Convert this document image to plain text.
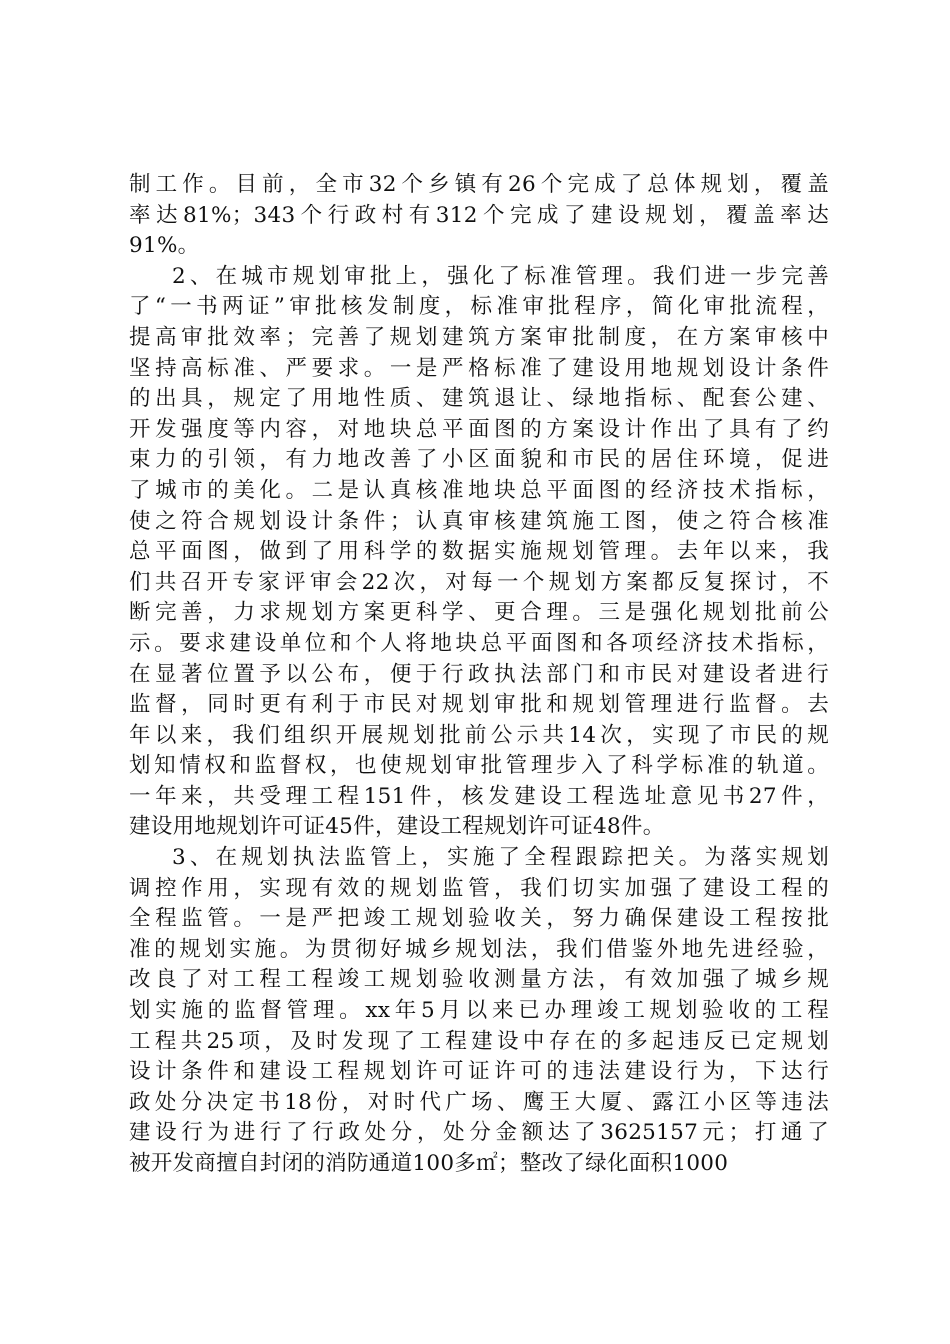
制工作。目前，全市32个乡镇有26个完成了总体规划，覆盖
率达81%；343个行政村有312个完成了建设规划，覆盖率达
91%。
2、在城市规划审批上，强化了标准管理。我们进一步完善
了“一书两证”审批核发制度，标准审批程序，简化审批流程，
提高审批效率；完善了规划建筑方案审批制度，在方案审核中
坚持高标准、严要求。一是严格标准了建设用地规划设计条件
的出具，规定了用地性质、建筑退让、绿地指标、配套公建、
开发强度等内容，对地块总平面图的方案设计作出了具有了约
束力的引领，有力地改善了小区面貌和市民的居住环境，促进
了城市的美化。二是认真核准地块总平面图的经济技术指标，
使之符合规划设计条件；认真审核建筑施工图，使之符合核准
总平面图，做到了用科学的数据实施规划管理。去年以来，我
们共召开专家评审会22次，对每一个规划方案都反复探讨，不
断完善，力求规划方案更科学、更合理。三是强化规划批前公
示。要求建设单位和个人将地块总平面图和各项经济技术指标，
在显著位置予以公布，便于行政执法部门和市民对建设者进行
监督，同时更有利于市民对规划审批和规划管理进行监督。去
年以来，我们组织开展规划批前公示共14次，实现了市民的规
划知情权和监督权，也使规划审批管理步入了科学标准的轨道。
一年来，共受理工程151件，核发建设工程选址意见书27件，
建设用地规划许可证45件，建设工程规划许可证48件。
3、在规划执法监管上，实施了全程跟踪把关。为落实规划
调控作用，实现有效的规划监管，我们切实加强了建设工程的
全程监管。一是严把竣工规划验收关，努力确保建设工程按批
准的规划实施。为贯彻好城乡规划法，我们借鉴外地先进经验，
改良了对工程工程竣工规划验收测量方法，有效加强了城乡规
划实施的监督管理。xx年5月以来已办理竣工规划验收的工程
工程共25项，及时发现了工程建设中存在的多起违反已定规划
设计条件和建设工程规划许可证许可的违法建设行为，下达行
政处分决定书18份，对时代广场、鹰王大厦、露江小区等违法
建设行为进行了行政处分，处分金额达了3625157元；打通了
被开发商擅自封闭的消防通道100多㎡；整改了绿化面积1000
